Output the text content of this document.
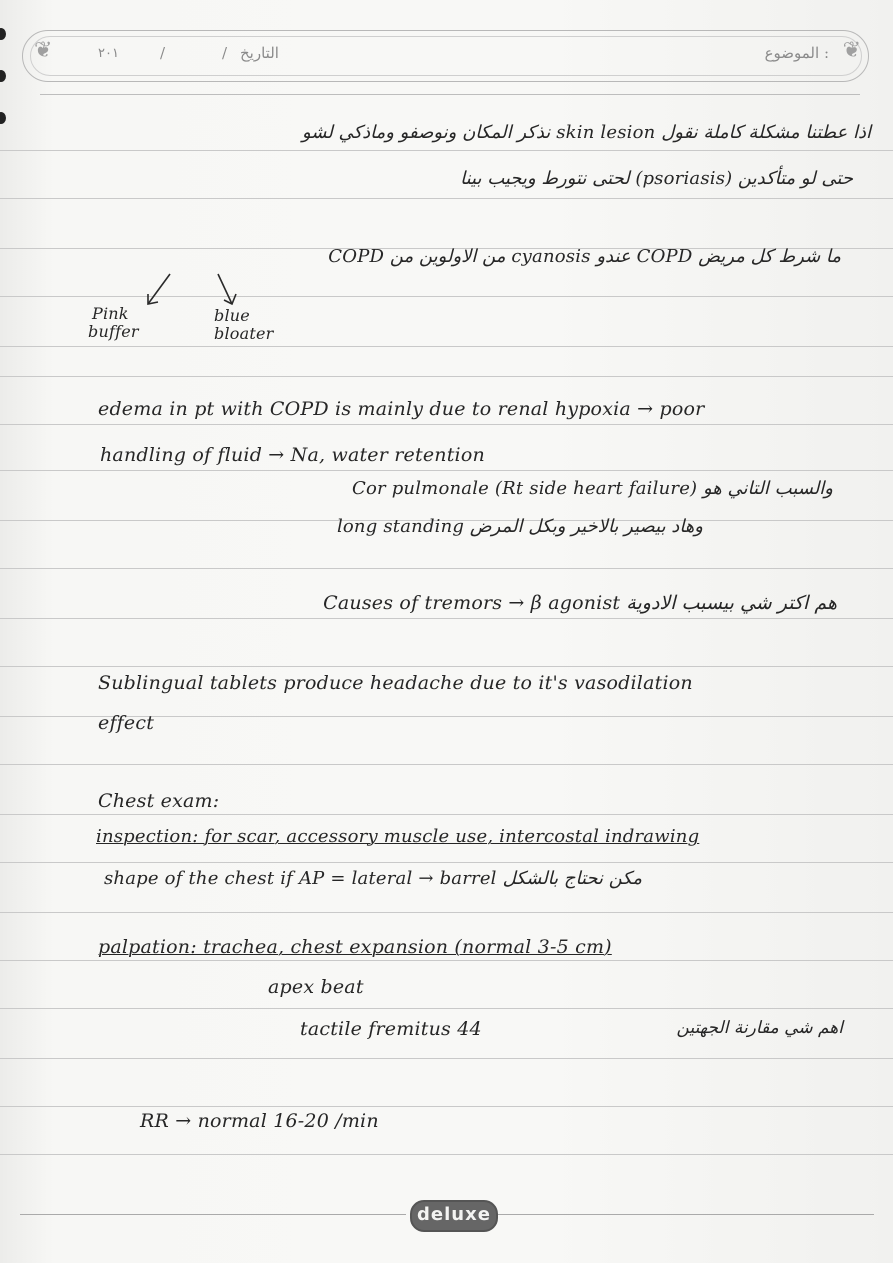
❦	❦
الموضوع :
التاريخ
/
/
٢٠١
اذا عطتنا مشكلة كاملة نقول skin lesion نذكر المكان ونوصفو وماذكي لشو
حتى لو متأكدين (psoriasis) لحتى نتورط ويجيب بينا
ما شرط كل مريض COPD عندو cyanosis من الاولوين من COPD
Pink
buffer
blue
bloater
edema in pt with COPD is mainly due to renal hypoxia → poor
handling of fluid → Na, water retention
والسبب التاني هو Cor pulmonale (Rt side heart failure)
وهاد بيصير بالاخير وبكل المرض long standing
هم اكتر شي بيسبب الادوية Causes of tremors → β agonist
Sublingual tablets produce headache due to it's vasodilation
effect
Chest exam:
inspection: for scar, accessory muscle use, intercostal indrawing
shape of the chest if AP = lateral → barrel مكن نحتاج بالشكل
palpation: trachea, chest expansion (normal 3-5 cm)
apex beat
tactile fremitus 44	اهم شي مقارنة الجهتين
RR → normal 16-20 /min
deluxe
